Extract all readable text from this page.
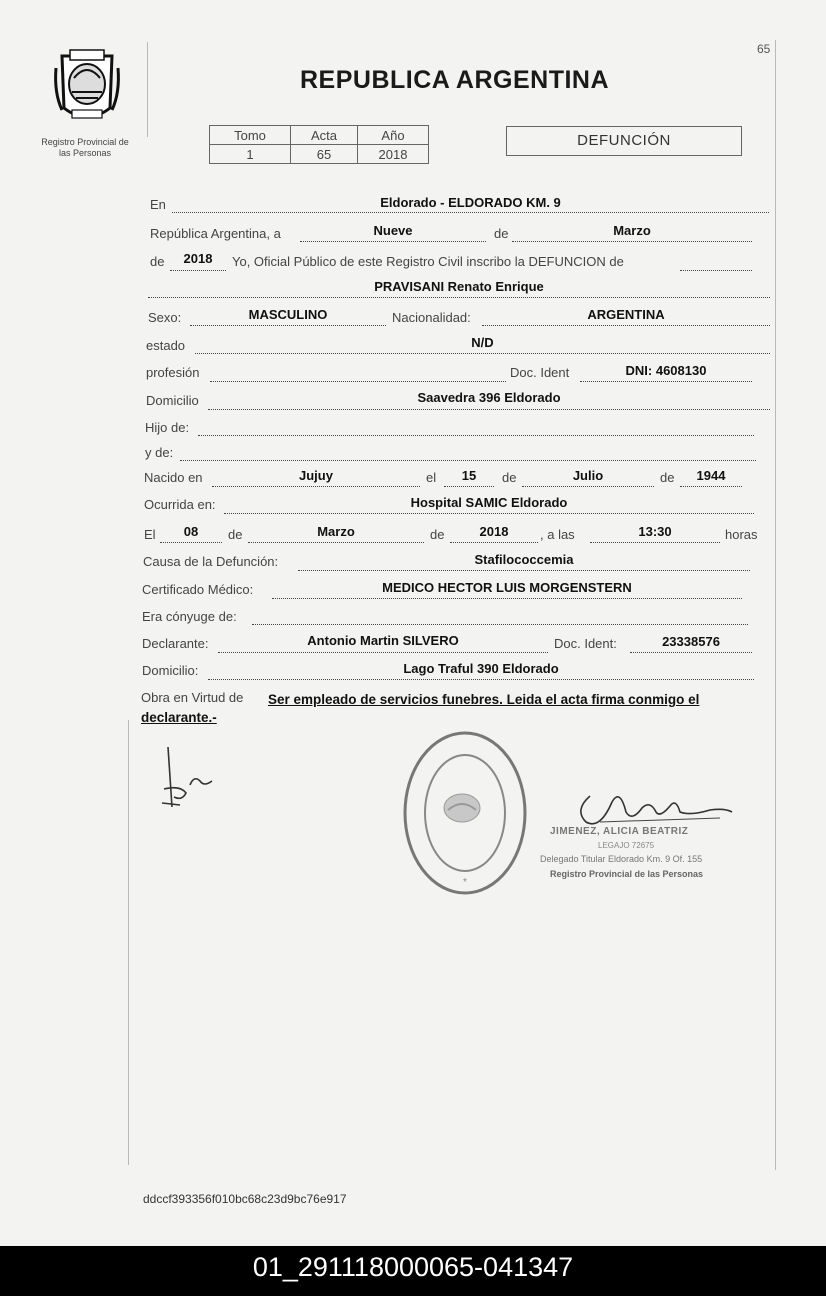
65
Registro Provincial de
las Personas
REPUBLICA ARGENTINA
Tomo	Acta	Año
1	65	2018
DEFUNCIÓN
En	Eldorado - ELDORADO KM. 9
República Argentina, a	Nueve	de	Marzo
de	2018	Yo, Oficial Público de este Registro Civil inscribo la DEFUNCION de
PRAVISANI Renato Enrique
Sexo:	MASCULINO	Nacionalidad:	ARGENTINA
estado	N/D
profesión	Doc. Ident	DNI: 4608130
Domicilio	Saavedra 396 Eldorado
Hijo de:
y de:
Nacido en	Jujuy	el	15	de	Julio	de	1944
Ocurrida en:	Hospital SAMIC Eldorado
El	08	de	Marzo	de	2018	, a las	13:30	horas
Causa de la Defunción:	Stafilococcemia
Certificado Médico:	MEDICO HECTOR LUIS MORGENSTERN
Era cónyuge de:
Declarante:	Antonio Martin SILVERO	Doc. Ident:	23338576
Domicilio:	Lago Traful 390 Eldorado
Obra en Virtud de Ser empleado de servicios funebres. Leida el acta firma conmigo el
declarante.-
*
JIMENEZ, ALICIA BEATRIZ
LEGAJO 72675
Delegado Titular Eldorado Km. 9 Of. 155
Registro Provincial de las Personas
ddccf393356f010bc68c23d9bc76e917
01_291118000065-041347
